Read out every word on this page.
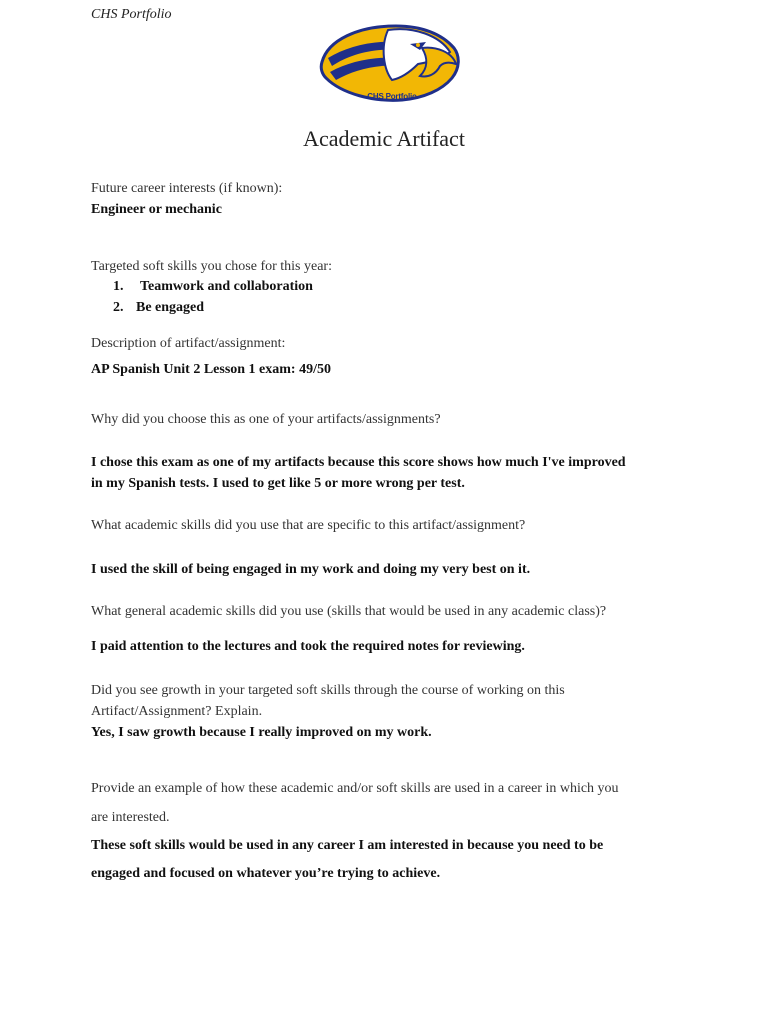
CHS Portfolio
CHS Portfolio
Academic Artifact
Future career interests (if known):
Engineer or mechanic
Targeted soft skills you chose for this year:
1. Teamwork and collaboration
2. Be engaged
Description of artifact/assignment:
AP Spanish Unit 2 Lesson 1 exam: 49/50
Why did you choose this as one of your artifacts/assignments?
I chose this exam as one of my artifacts because this score shows how much I've improved
in my Spanish tests. I used to get like 5 or more wrong per test.
What academic skills did you use that are specific to this artifact/assignment?
I used the skill of being engaged in my work and doing my very best on it.
What general academic skills did you use (skills that would be used in any academic class)?
I paid attention to the lectures and took the required notes for reviewing.
Did you see growth in your targeted soft skills through the course of working on this
Artifact/Assignment? Explain.
Yes, I saw growth because I really improved on my work.
Provide an example of how these academic and/or soft skills are used in a career in which you
are interested.
These soft skills would be used in any career I am interested in because you need to be
engaged and focused on whatever you’re trying to achieve.
